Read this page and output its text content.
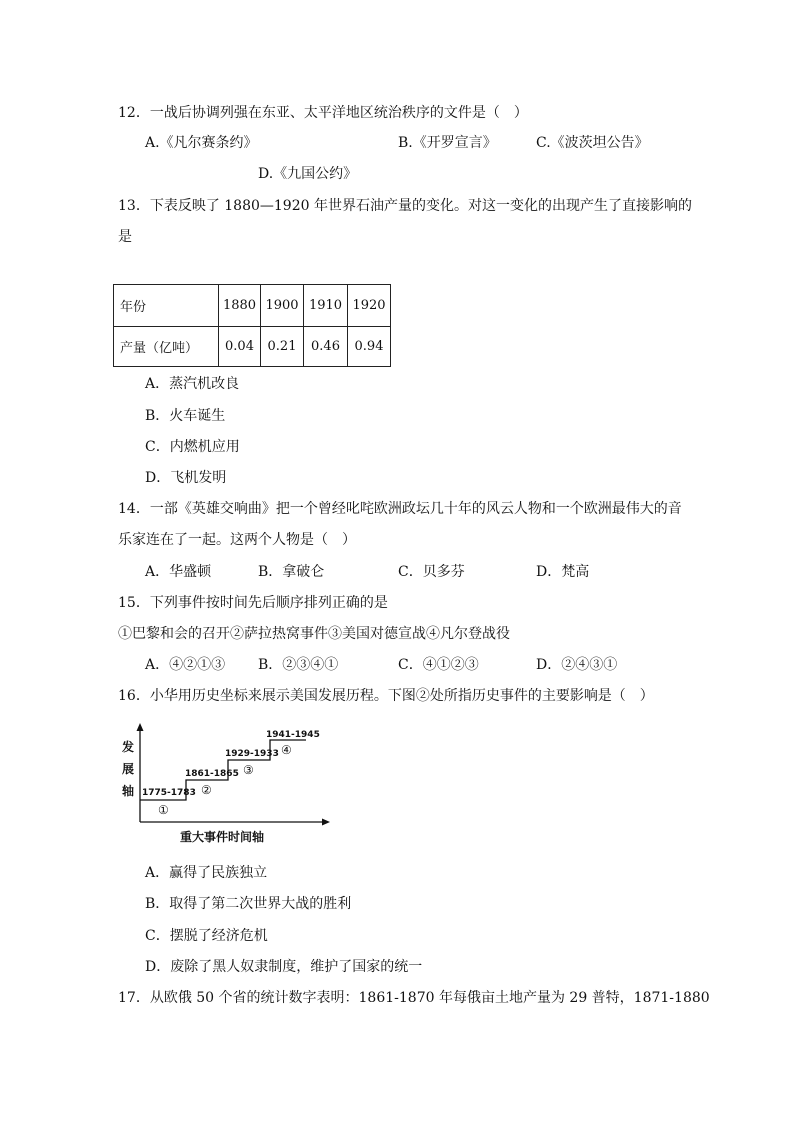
12．一战后协调列强在东亚、太平洋地区统治秩序的文件是（　）
A.《凡尔赛条约》	B.《开罗宣言》	C.《波茨坦公告》
D.《九国公约》
13．下表反映了 1880—1920 年世界石油产量的变化。对这一变化的出现产生了直接影响的
是
年份	1880	1900	1910	1920
产量（亿吨）	0.04	0.21	0.46	0.94
A．蒸汽机改良
B．火车诞生
C．内燃机应用
D．飞机发明
14．一部《英雄交响曲》把一个曾经叱咤欧洲政坛几十年的风云人物和一个欧洲最伟大的音
乐家连在了一起。这两个人物是（　）
A．华盛顿	B．拿破仑	C．贝多芬	D．梵高
15．下列事件按时间先后顺序排列正确的是
①巴黎和会的召开②萨拉热窝事件③美国对德宣战④凡尔登战役
A．④②①③ B．②③④①	C．④①②③	D．②④③①
16．小华用历史坐标来展示美国发展历程。下图②处所指历史事件的主要影响是（　）
发
展
轴 1775-1783
①
1861-1865
②
1929-1933
③
1941-1945
④
重大事件时间轴
A．赢得了民族独立
B．取得了第二次世界大战的胜利
C．摆脱了经济危机
D．废除了黑人奴隶制度，维护了国家的统一
17．从欧俄 50 个省的统计数字表明：1861-1870 年每俄亩土地产量为 29 普特，1871-1880
